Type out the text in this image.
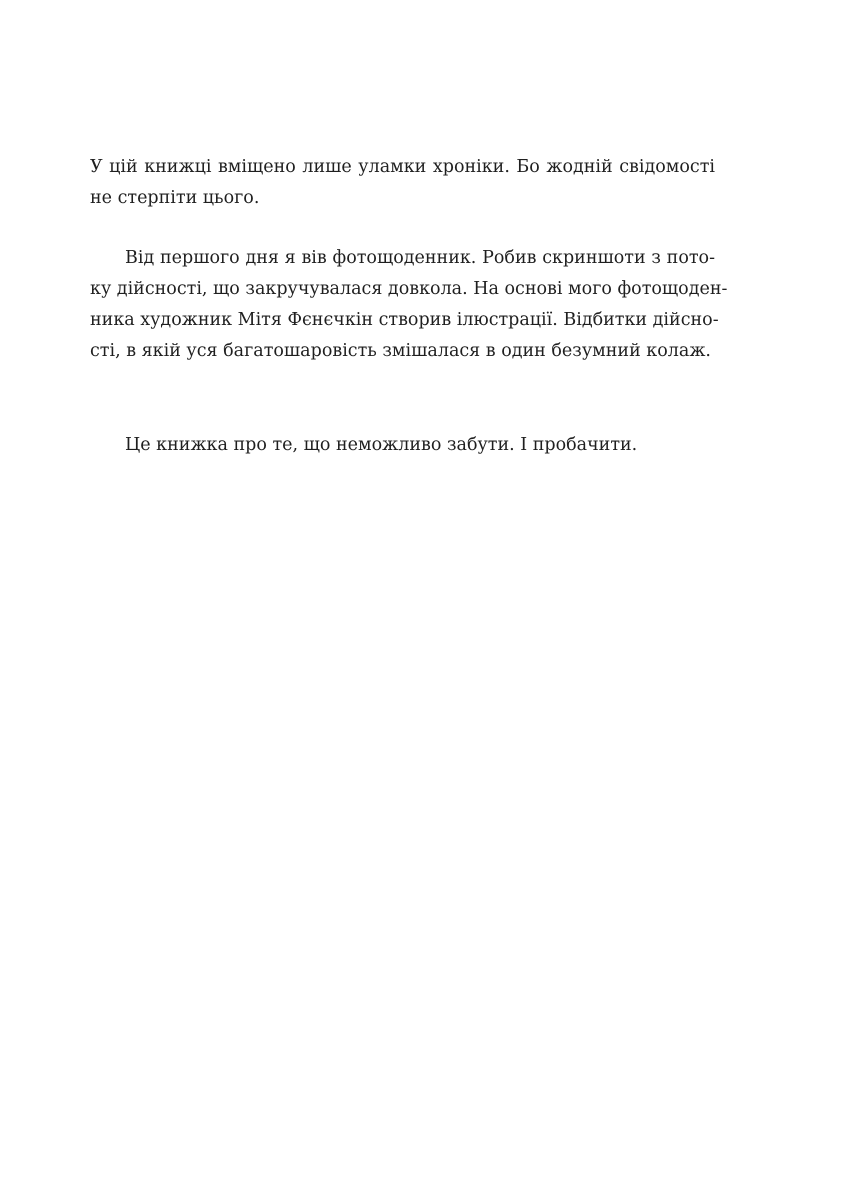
У цій книжці вміщено лише уламки хроніки. Бо жодній свідомості
не стерпіти цього.
Від першого дня я вів фотощоденник. Робив скриншоти з пото-
ку дійсності, що закручувалася довкола. На основі мого фотощоден-
ника художник Мітя Фєнєчкін створив ілюстрації. Відбитки дійсно-
сті, в якій уся багатошаровість змішалася в один безумний колаж.
Це книжка про те, що неможливо забути. І пробачити.
